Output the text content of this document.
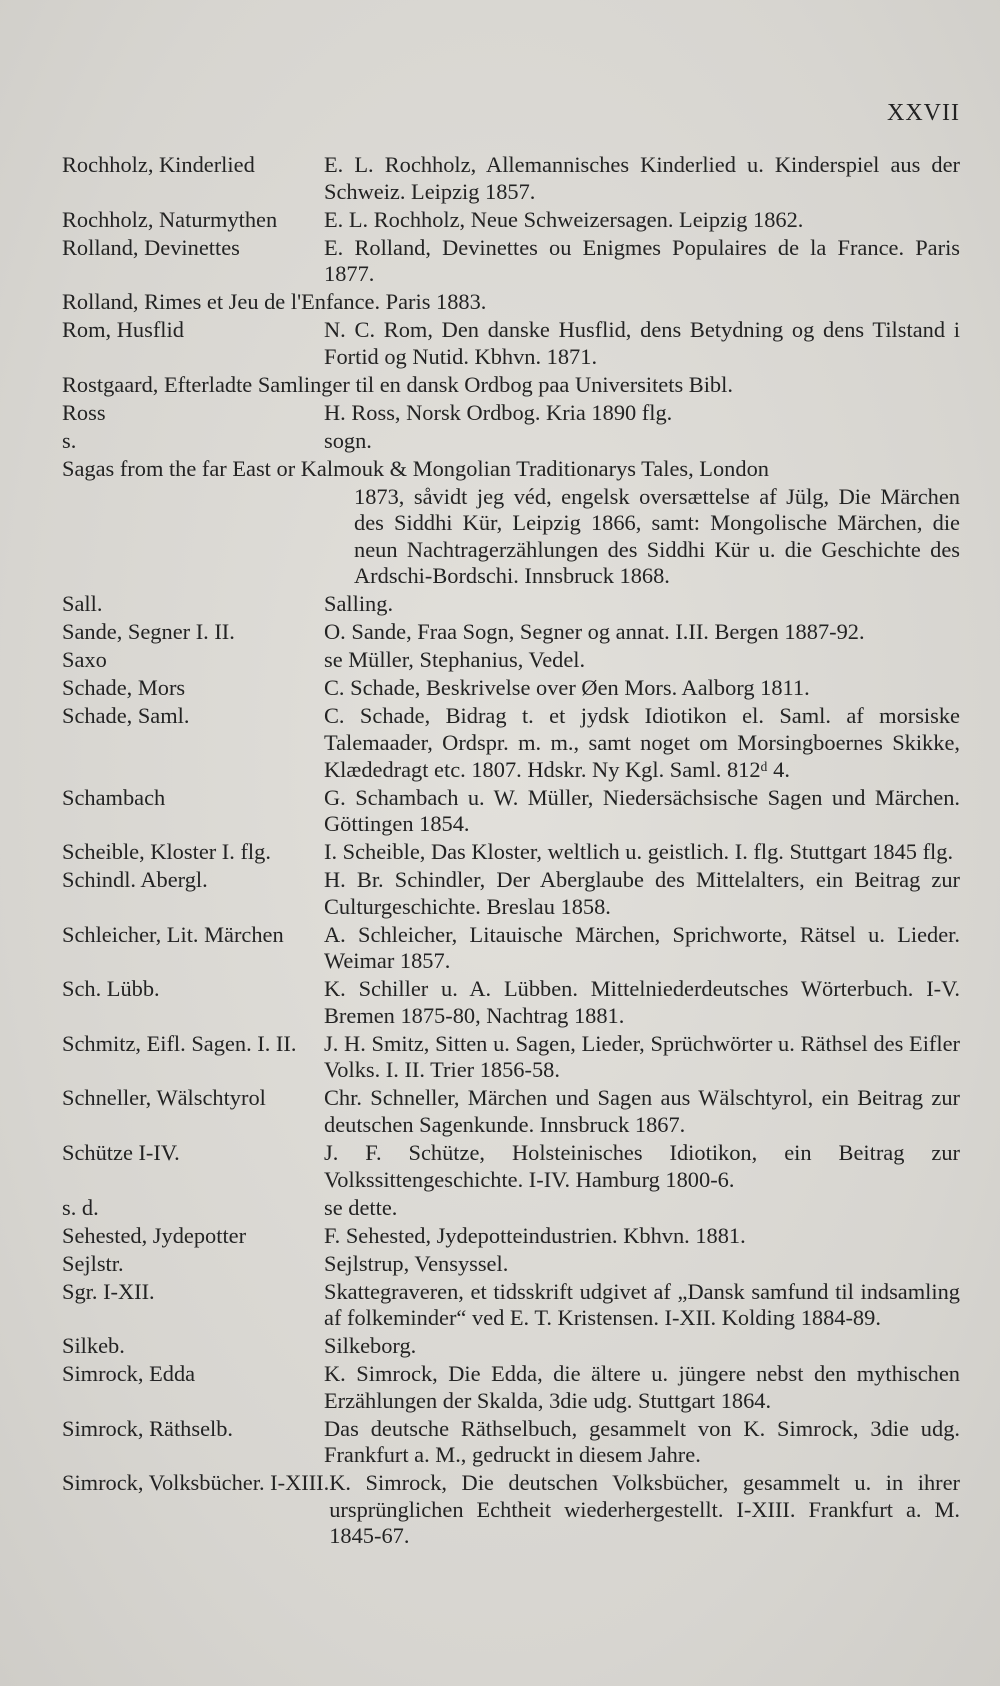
XXVII
Rochholz, Kinderlied	E. L. Rochholz, Allemannisches Kinderlied u. Kinderspiel aus der Schweiz. Leipzig 1857.
Rochholz, Naturmythen	E. L. Rochholz, Neue Schweizersagen. Leipzig 1862.
Rolland, Devinettes	E. Rolland, Devinettes ou Enigmes Populaires de la France. Paris 1877.
Rolland, Rimes et Jeu de l'Enfance. Paris 1883.
Rom, Husflid	N. C. Rom, Den danske Husflid, dens Betydning og dens Tilstand i Fortid og Nutid. Kbhvn. 1871.
Rostgaard, Efterladte Samlinger til en dansk Ordbog paa Universitets Bibl.
Ross	H. Ross, Norsk Ordbog. Kria 1890 flg.
s.	sogn.
Sagas from the far East or Kalmouk & Mongolian Traditionarys Tales, London
1873, såvidt jeg véd, engelsk oversættelse af Jülg, Die Märchen des Siddhi Kür, Leipzig 1866, samt: Mongolische Märchen, die neun Nachtragerzählungen des Siddhi Kür u. die Geschichte des Ardschi-Bordschi. Innsbruck 1868.
Sall.	Salling.
Sande, Segner I. II.	O. Sande, Fraa Sogn, Segner og annat. I.II. Bergen 1887-92.
Saxo	se Müller, Stephanius, Vedel.
Schade, Mors	C. Schade, Beskrivelse over Øen Mors. Aalborg 1811.
Schade, Saml.	C. Schade, Bidrag t. et jydsk Idiotikon el. Saml. af morsiske Talemaader, Ordspr. m. m., samt noget om Morsingboernes Skikke, Klædedragt etc. 1807. Hdskr. Ny Kgl. Saml. 812ᵈ 4.
Schambach	G. Schambach u. W. Müller, Niedersächsische Sagen und Märchen. Göttingen 1854.
Scheible, Kloster I. flg.	I. Scheible, Das Kloster, weltlich u. geistlich. I. flg. Stuttgart 1845 flg.
Schindl. Abergl.	H. Br. Schindler, Der Aberglaube des Mittelalters, ein Beitrag zur Culturgeschichte. Breslau 1858.
Schleicher, Lit. Märchen	A. Schleicher, Litauische Märchen, Sprichworte, Rätsel u. Lieder. Weimar 1857.
Sch. Lübb.	K. Schiller u. A. Lübben. Mittelniederdeutsches Wörterbuch. I-V. Bremen 1875-80, Nachtrag 1881.
Schmitz, Eifl. Sagen. I. II.	J. H. Smitz, Sitten u. Sagen, Lieder, Sprüchwörter u. Räthsel des Eifler Volks. I. II. Trier 1856-58.
Schneller, Wälschtyrol	Chr. Schneller, Märchen und Sagen aus Wälschtyrol, ein Beitrag zur deutschen Sagenkunde. Innsbruck 1867.
Schütze I-IV.	J. F. Schütze, Holsteinisches Idiotikon, ein Beitrag zur Volkssittengeschichte. I-IV. Hamburg 1800-6.
s. d.	se dette.
Sehested, Jydepotter	F. Sehested, Jydepotteindustrien. Kbhvn. 1881.
Sejlstr.	Sejlstrup, Vensyssel.
Sgr. I-XII.	Skattegraveren, et tidsskrift udgivet af „Dansk samfund til indsamling af folkeminder“ ved E. T. Kristensen. I-XII. Kolding 1884-89.
Silkeb.	Silkeborg.
Simrock, Edda	K. Simrock, Die Edda, die ältere u. jüngere nebst den mythischen Erzählungen der Skalda, 3die udg. Stuttgart 1864.
Simrock, Räthselb.	Das deutsche Räthselbuch, gesammelt von K. Simrock, 3die udg. Frankfurt a. M., gedruckt in diesem Jahre.
Simrock, Volksbücher. I-XIII. K. Simrock, Die deutschen Volksbücher, gesammelt u. in ihrer ursprünglichen Echtheit wiederhergestellt. I-XIII. Frankfurt a. M. 1845-67.
